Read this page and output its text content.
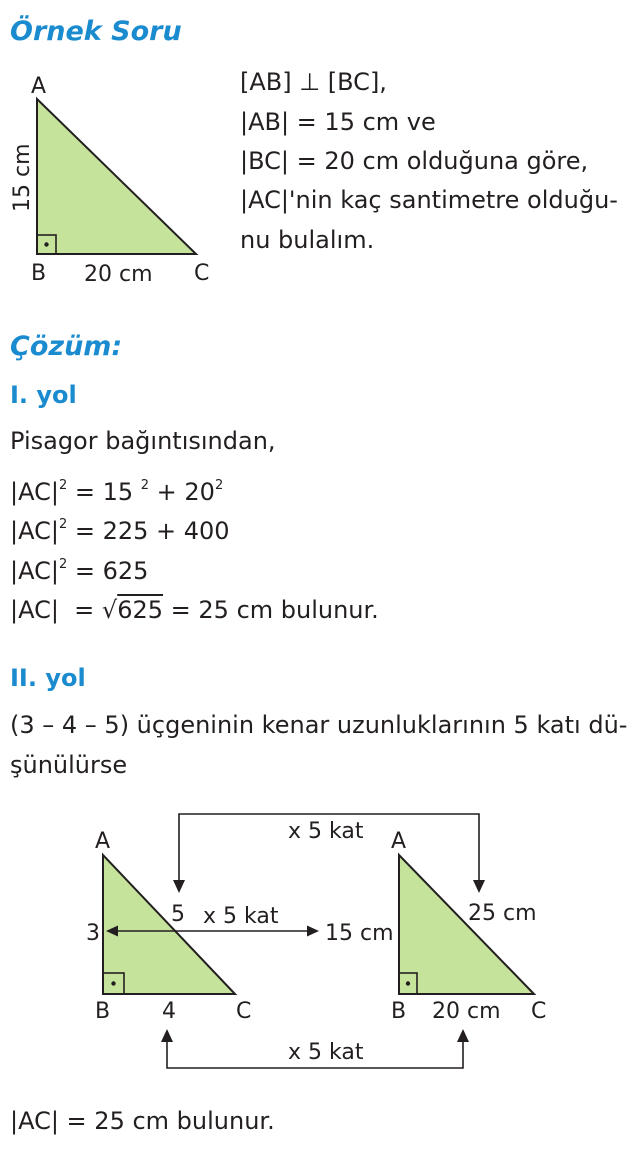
Örnek Soru
A
B	C
20 cm
15 cm
A
B	C
3
4
5
A
B	C
15 cm
20 cm
25 cm
x 5 kat
x 5 kat
x 5 kat
[AB] ⊥ [BC],
|AB| = 15 cm ve
|BC| = 20 cm olduğuna göre,
|AC|'nin kaç santimetre olduğu-
nu bulalım.
Çözüm:
I. yol
Pisagor bağıntısından,
$|AC|^2 = 15$ $^2 + 20^2$
$|AC|^2 = 225 + 400$
$|AC|^2 = 625$
|AC|  = √625 = 25 cm bulunur.
II. yol
(3 – 4 – 5) üçgeninin kenar uzunluklarının 5 katı dü-
şünülürse
|AC| = 25 cm bulunur.
